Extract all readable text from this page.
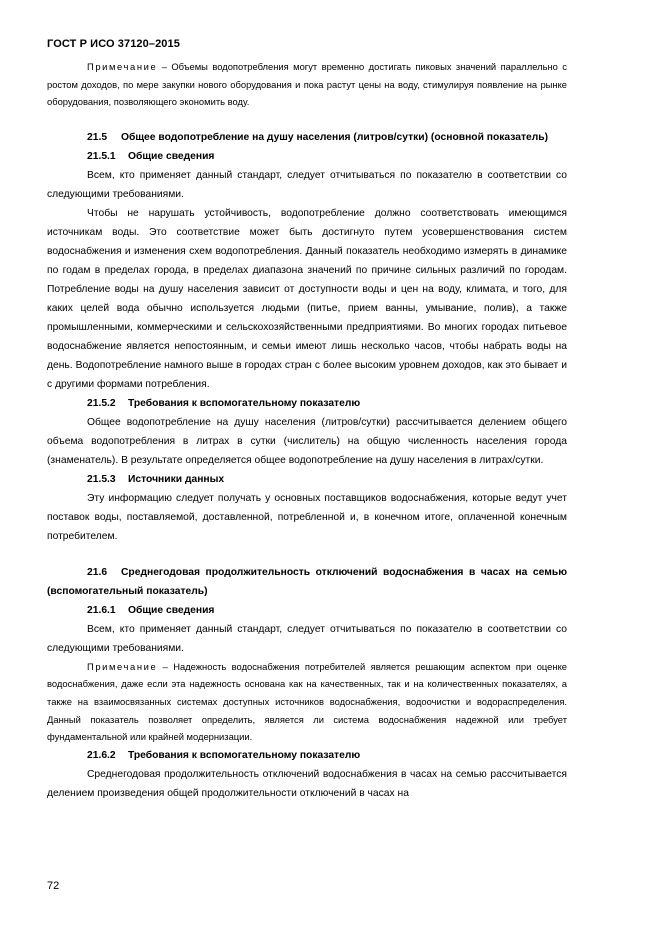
ГОСТ Р ИСО 37120–2015

Примечание – Объемы водопотребления могут временно достигать пиковых значений параллельно с ростом доходов, по мере закупки нового оборудования и пока растут цены на воду, стимулируя появление на рынке оборудования, позволяющего экономить воду.

21.5 Общее водопотребление на душу населения (литров/сутки) (основной показатель)

21.5.1 Общие сведения

Всем, кто применяет данный стандарт, следует отчитываться по показателю в соответствии со следующими требованиями.

Чтобы не нарушать устойчивость, водопотребление должно соответствовать имеющимся источникам воды. Это соответствие может быть достигнуто путем усовершенствования систем водоснабжения и изменения схем водопотребления. Данный показатель необходимо измерять в динамике по годам в пределах города, в пределах диапазона значений по причине сильных различий по городам. Потребление воды на душу населения зависит от доступности воды и цен на воду, климата, и того, для каких целей вода обычно используется людьми (питье, прием ванны, умывание, полив), а также промышленными, коммерческими и сельскохозяйственными предприятиями. Во многих городах питьевое водоснабжение является непостоянным, и семьи имеют лишь несколько часов, чтобы набрать воды на день. Водопотребление намного выше в городах стран с более высоким уровнем доходов, как это бывает и с другими формами потребления.

21.5.2 Требования к вспомогательному показателю

Общее водопотребление на душу населения (литров/сутки) рассчитывается делением общего объема водопотребления в литрах в сутки (числитель) на общую численность населения города (знаменатель). В результате определяется общее водопотребление на душу населения в литрах/сутки.

21.5.3 Источники данных

Эту информацию следует получать у основных поставщиков водоснабжения, которые ведут учет поставок воды, поставляемой, доставленной, потребленной и, в конечном итоге, оплаченной конечным потребителем.

21.6 Среднегодовая продолжительность отключений водоснабжения в часах на семью (вспомогательный показатель)

21.6.1 Общие сведения

Всем, кто применяет данный стандарт, следует отчитываться по показателю в соответствии со следующими требованиями.

Примечание – Надежность водоснабжения потребителей является решающим аспектом при оценке водоснабжения, даже если эта надежность основана как на качественных, так и на количественных показателях, а также на взаимосвязанных системах доступных источников водоснабжения, водоочистки и водораспределения. Данный показатель позволяет определить, является ли система водоснабжения надежной или требует фундаментальной или крайней модернизации.

21.6.2 Требования к вспомогательному показателю

Среднегодовая продолжительность отключений водоснабжения в часах на семью рассчитывается делением произведения общей продолжительности отключений в часах на

72
